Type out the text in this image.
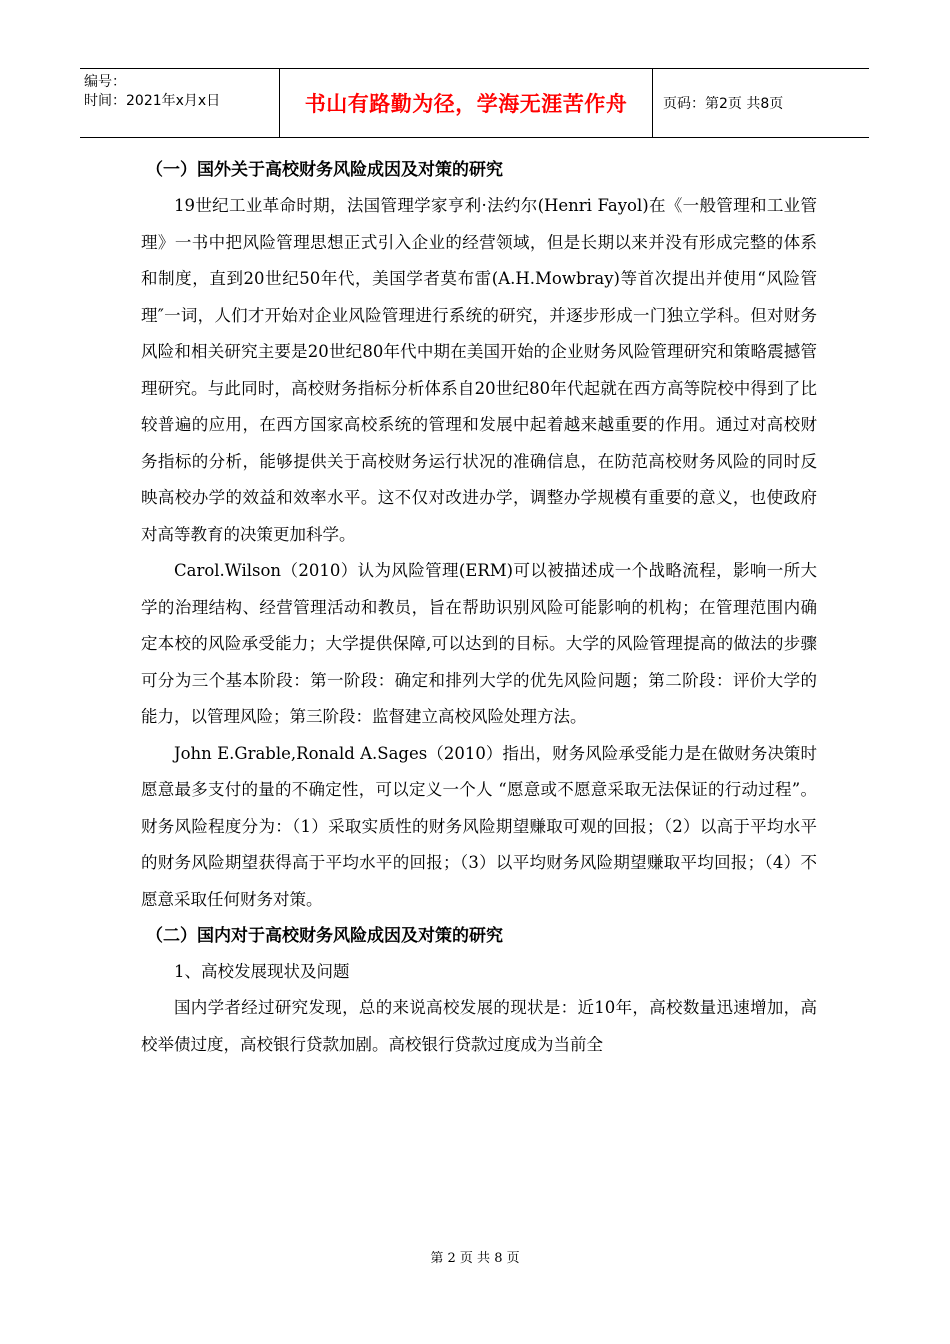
编号：
时间：2021年x月x日	书山有路勤为径，学海无涯苦作舟	页码：第2页 共8页
（一）国外关于高校财务风险成因及对策的研究

19世纪工业革命时期，法国管理学家亨利·法约尔(Henri Fayol)在《一般管理和工业管理》一书中把风险管理思想正式引入企业的经营领域，但是长期以来并没有形成完整的体系和制度，直到20世纪50年代，美国学者莫布雷(A.H.Mowbray)等首次提出并使用“风险管理″一词，人们才开始对企业风险管理进行系统的研究，并逐步形成一门独立学科。但对财务风险和相关研究主要是20世纪80年代中期在美国开始的企业财务风险管理研究和策略震撼管理研究。与此同时，高校财务指标分析体系自20世纪80年代起就在西方高等院校中得到了比较普遍的应用，在西方国家高校系统的管理和发展中起着越来越重要的作用。通过对高校财务指标的分析，能够提供关于高校财务运行状况的准确信息，在防范高校财务风险的同时反映高校办学的效益和效率水平。这不仅对改进办学，调整办学规模有重要的意义，也使政府对高等教育的决策更加科学。

Carol.Wilson（2010）认为风险管理(ERM)可以被描述成一个战略流程，影响一所大学的治理结构、经营管理活动和教员，旨在帮助识别风险可能影响的机构；在管理范围内确定本校的风险承受能力；大学提供保障,可以达到的目标。大学的风险管理提高的做法的步骤可分为三个基本阶段：第一阶段：确定和排列大学的优先风险问题；第二阶段：评价大学的能力，以管理风险；第三阶段：监督建立高校风险处理方法。

John E.Grable,Ronald A.Sages（2010）指出，财务风险承受能力是在做财务决策时愿意最多支付的量的不确定性，可以定义一个人 “愿意或不愿意采取无法保证的行动过程”。财务风险程度分为：（1）采取实质性的财务风险期望赚取可观的回报；（2）以高于平均水平的财务风险期望获得高于平均水平的回报；（3）以平均财务风险期望赚取平均回报；（4）不愿意采取任何财务对策。

（二）国内对于高校财务风险成因及对策的研究

1、高校发展现状及问题

国内学者经过研究发现，总的来说高校发展的现状是：近10年，高校数量迅速增加，高校举债过度，高校银行贷款加剧。高校银行贷款过度成为当前全

第 2 页 共 8 页
